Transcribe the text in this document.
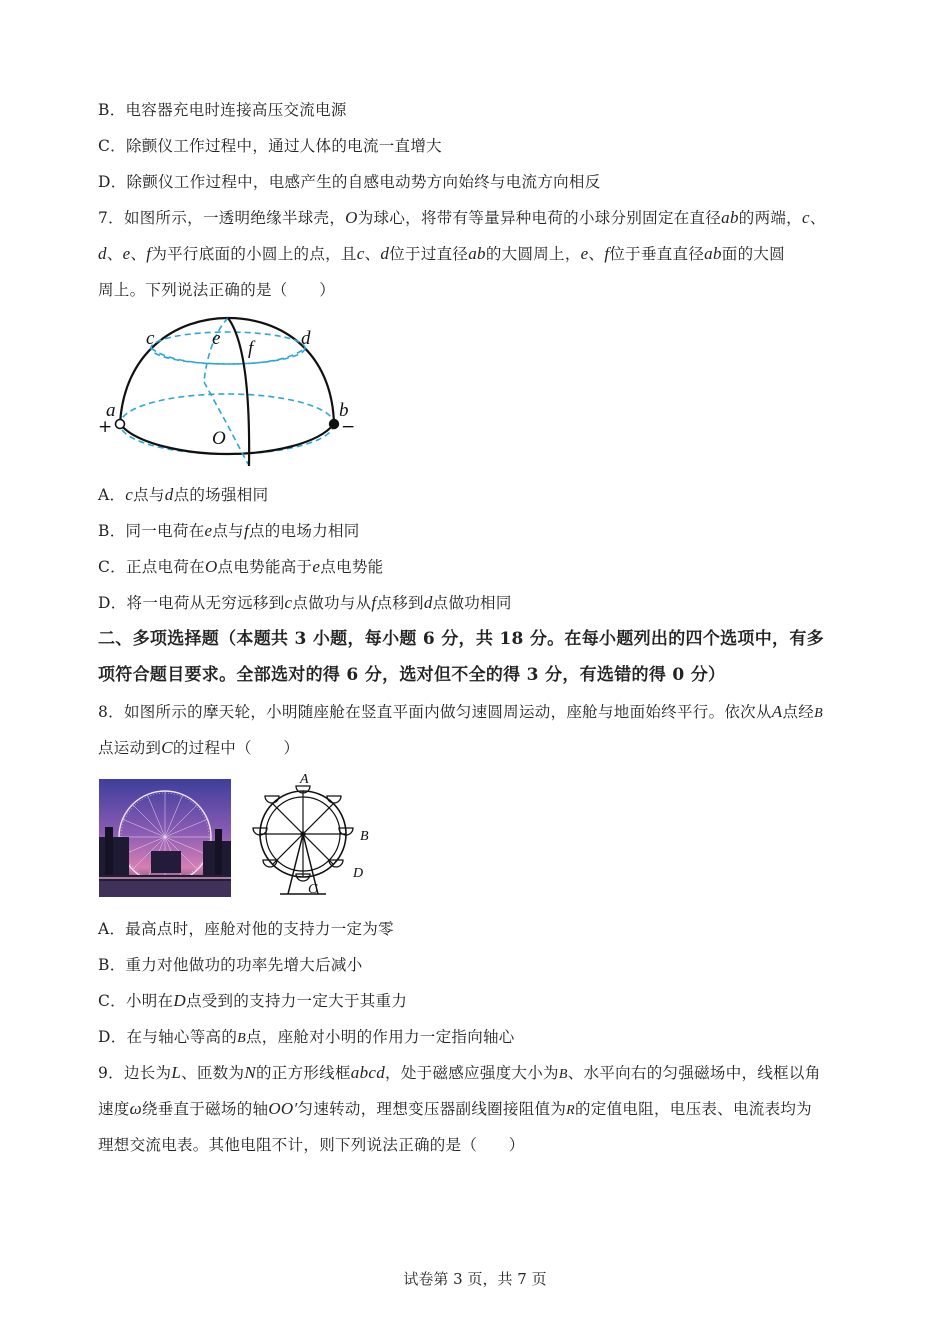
B．电容器充电时连接高压交流电源
C．除颤仪工作过程中，通过人体的电流一直增大
D．除颤仪工作过程中，电感产生的自感电动势方向始终与电流方向相反
7．如图所示，一透明绝缘半球壳，O为球心，将带有等量异种电荷的小球分别固定在直径ab的两端，c、
d、e、f为平行底面的小圆上的点，且c、d位于过直径ab的大圆周上，e、f位于垂直直径ab面的大圆
周上。下列说法正确的是（　　）
c	e f	d
a	b
O
+	−
A．c点与d点的场强相同
B．同一电荷在e点与f点的电场力相同
C．正点电荷在O点电势能高于e点电势能
D．将一电荷从无穷远移到c点做功与从f点移到d点做功相同
二、多项选择题（本题共 3 小题，每小题 6 分，共 18 分。在每小题列出的四个选项中，有多
项符合题目要求。全部选对的得 6 分，选对但不全的得 3 分，有选错的得 0 分）
8．如图所示的摩天轮，小明随座舱在竖直平面内做匀速圆周运动，座舱与地面始终平行。依次从A点经B
点运动到C的过程中（　　）
A
B
C
D
A．最高点时，座舱对他的支持力一定为零
B．重力对他做功的功率先增大后减小
C．小明在D点受到的支持力一定大于其重力
D．在与轴心等高的B点，座舱对小明的作用力一定指向轴心
9．边长为L、匝数为N的正方形线框abcd，处于磁感应强度大小为B、水平向右的匀强磁场中，线框以角
速度ω绕垂直于磁场的轴OO′匀速转动，理想变压器副线圈接阻值为R的定值电阻，电压表、电流表均为
理想交流电表。其他电阻不计，则下列说法正确的是（　　）
试卷第 3 页，共 7 页
